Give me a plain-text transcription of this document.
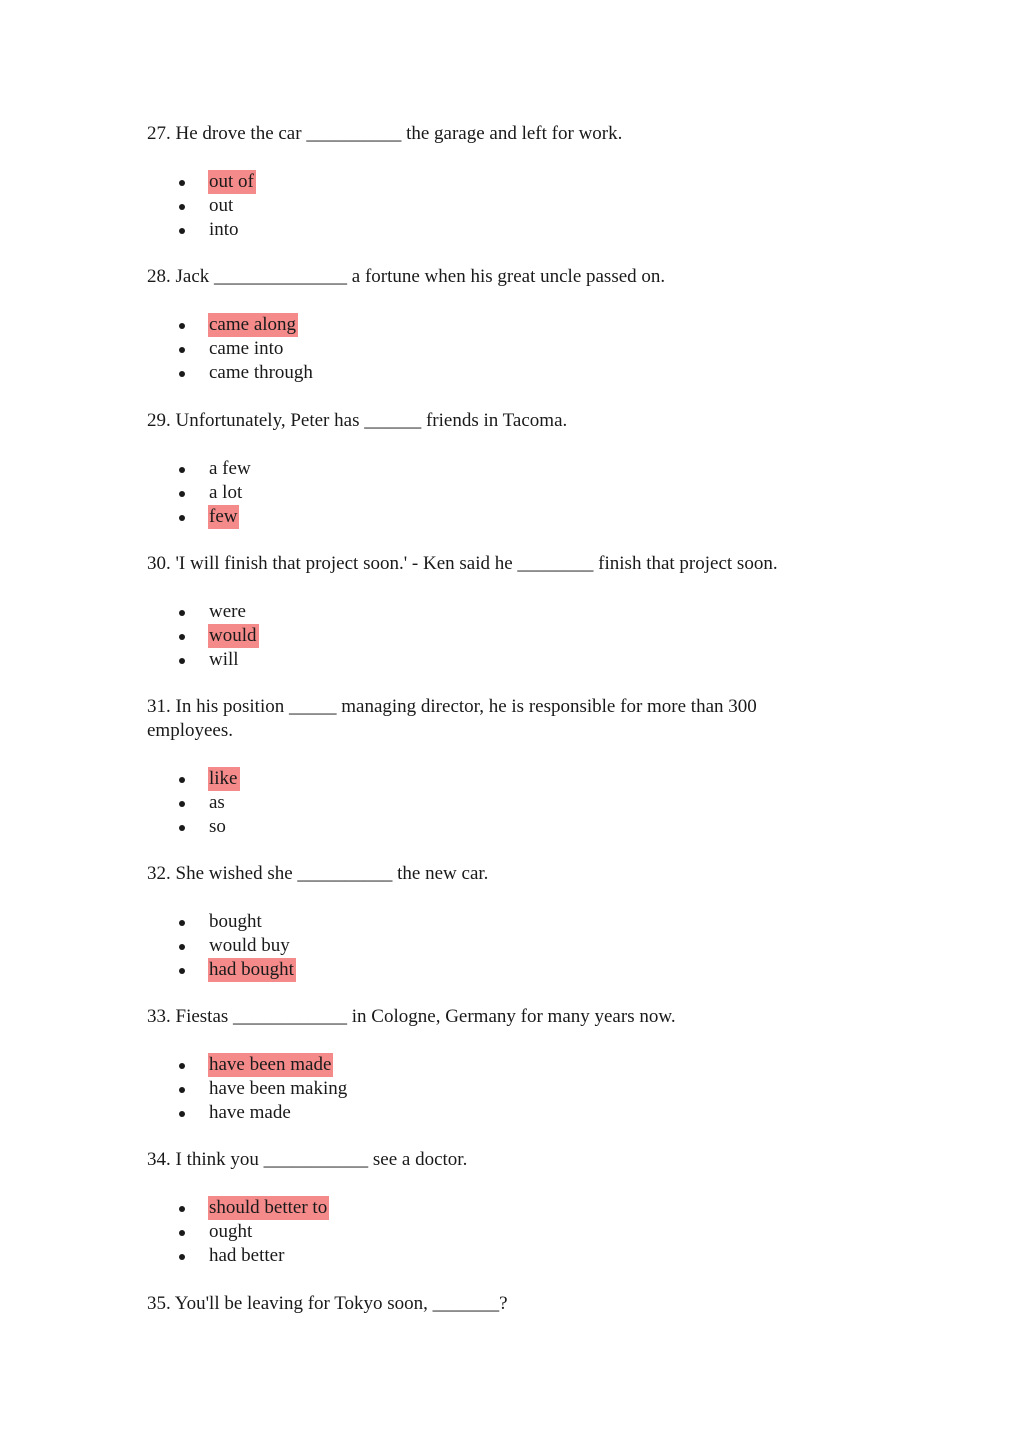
27. He drove the car __________ the garage and left for work.

out of
out
into

28. Jack ______________ a fortune when his great uncle passed on.

came along
came into
came through

29. Unfortunately, Peter has ______ friends in Tacoma.

a few
a lot
few

30. 'I will finish that project soon.' - Ken said he ________ finish that project soon.

were
would
will

31. In his position _____ managing director, he is responsible for more than 300 employees.

like
as
so

32. She wished she __________ the new car.

bought
would buy
had bought

33. Fiestas ____________ in Cologne, Germany for many years now.

have been made
have been making
have made

34. I think you ___________ see a doctor.

should better to
ought
had better

35. You'll be leaving for Tokyo soon, _______?
